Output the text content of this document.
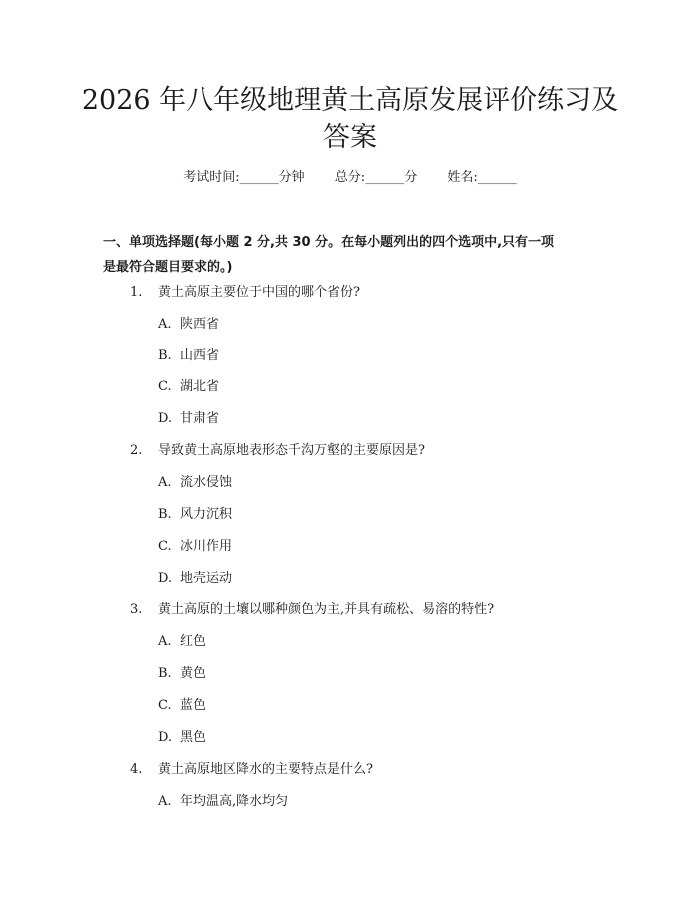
2026 年八年级地理黄土高原发展评价练习及
答案
考试时间:______分钟 总分:______分 姓名:______
一、单项选择题(每小题 2 分,共 30 分。在每小题列出的四个选项中,只有一项
是最符合题目要求的。)
1. 黄土高原主要位于中国的哪个省份?
A. 陕西省
B. 山西省
C. 湖北省
D. 甘肃省
2. 导致黄土高原地表形态千沟万壑的主要原因是?
A. 流水侵蚀
B. 风力沉积
C. 冰川作用
D. 地壳运动
3. 黄土高原的土壤以哪种颜色为主,并具有疏松、易溶的特性?
A. 红色
B. 黄色
C. 蓝色
D. 黑色
4. 黄土高原地区降水的主要特点是什么?
A. 年均温高,降水均匀
